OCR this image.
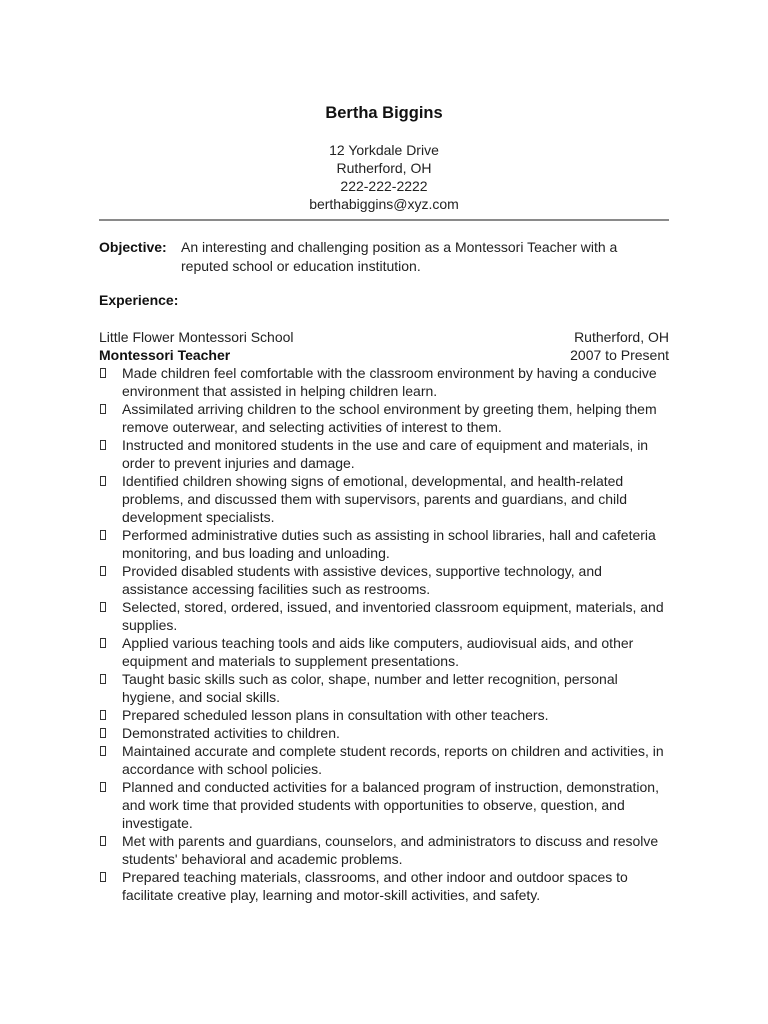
Bertha Biggins
12 Yorkdale Drive
Rutherford, OH
222-222-2222
berthabiggins@xyz.com
Objective: An interesting and challenging position as a Montessori Teacher with a reputed school or education institution.
Experience:
Little Flower Montessori School	Rutherford, OH
Montessori Teacher	2007 to Present
Made children feel comfortable with the classroom environment by having a conducive environment that assisted in helping children learn.
Assimilated arriving children to the school environment by greeting them, helping them remove outerwear, and selecting activities of interest to them.
Instructed and monitored students in the use and care of equipment and materials, in order to prevent injuries and damage.
Identified children showing signs of emotional, developmental, and health-related problems, and discussed them with supervisors, parents and guardians, and child development specialists.
Performed administrative duties such as assisting in school libraries, hall and cafeteria monitoring, and bus loading and unloading.
Provided disabled students with assistive devices, supportive technology, and assistance accessing facilities such as restrooms.
Selected, stored, ordered, issued, and inventoried classroom equipment, materials, and supplies.
Applied various teaching tools and aids like computers, audiovisual aids, and other equipment and materials to supplement presentations.
Taught basic skills such as color, shape, number and letter recognition, personal hygiene, and social skills.
Prepared scheduled lesson plans in consultation with other teachers.
Demonstrated activities to children.
Maintained accurate and complete student records, reports on children and activities, in accordance with school policies.
Planned and conducted activities for a balanced program of instruction, demonstration, and work time that provided students with opportunities to observe, question, and investigate.
Met with parents and guardians, counselors, and administrators to discuss and resolve students' behavioral and academic problems.
Prepared teaching materials, classrooms, and other indoor and outdoor spaces to facilitate creative play, learning and motor-skill activities, and safety.
